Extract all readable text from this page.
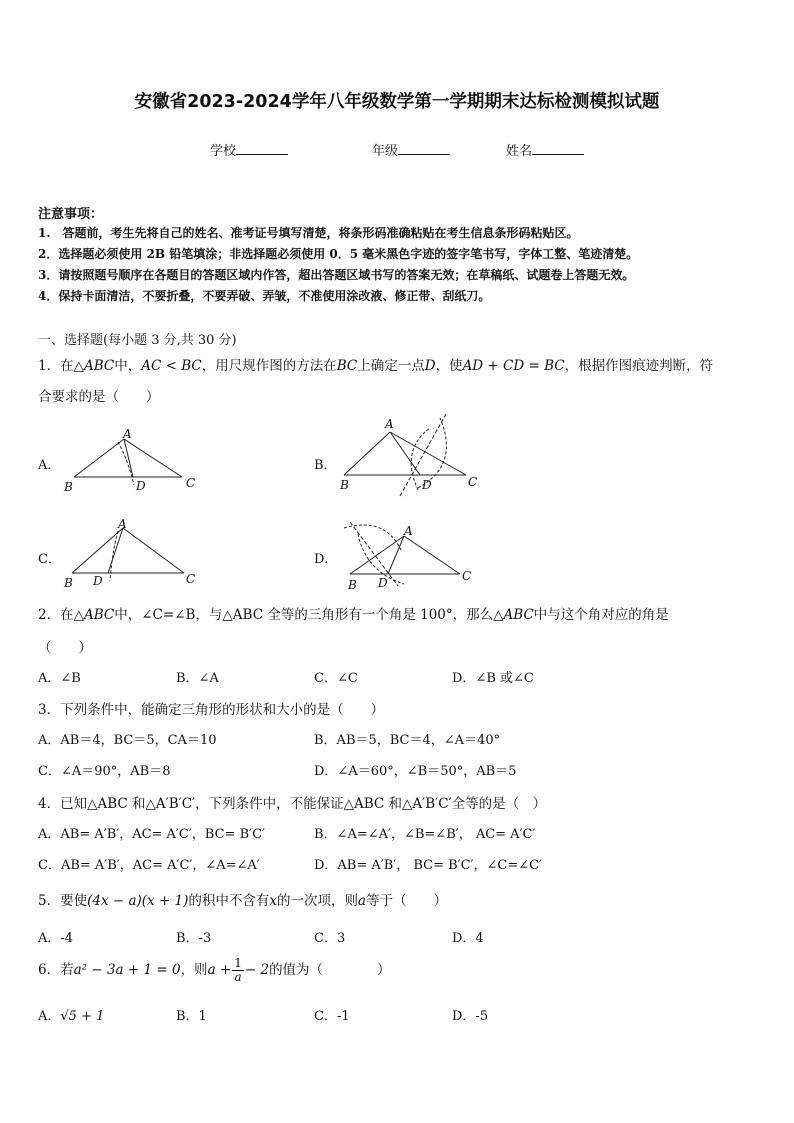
安徽省2023-2024学年八年级数学第一学期期末达标检测模拟试题
学校	年级	姓名
注意事项：
1.　答题前，考生先将自己的姓名、准考证号填写清楚，将条形码准确粘贴在考生信息条形码粘贴区。
2．选择题必须使用 2B 铅笔填涂；非选择题必须使用 0．5 毫米黑色字迹的签字笔书写，字体工整、笔迹清楚。
3．请按照题号顺序在各题目的答题区域内作答，超出答题区域书写的答案无效；在草稿纸、试题卷上答题无效。
4．保持卡面清洁，不要折叠，不要弄破、弄皱，不准使用涂改液、修正带、刮纸刀。
一、选择题(每小题 3 分,共 30 分)
1．在△ABC中，AC < BC，用尺规作图的方法在BC上确定一点D，使AD + CD = BC，根据作图痕迹判断，符
合要求的是（　　）
A．	B．
C．	D．
A
B	D	C
A
B	D	C
A
B D	C
A
B D	C
2．在△ABC中，∠C=∠B，与△ABC 全等的三角形有一个角是 100°，那么△ABC中与这个角对应的角是
（　　）
A．∠B	B．∠A	C．∠C	D．∠B 或∠C
3．下列条件中，能确定三角形的形状和大小的是（　　）
A．AB＝4，BC＝5，CA＝10	B．AB＝5，BC＝4，∠A＝40°
C．∠A＝90°，AB＝8	D．∠A＝60°，∠B＝50°，AB＝5
4．已知△ABC 和△A′B′C′，下列条件中，不能保证△ABC 和△A′B′C′全等的是（　）
A．AB= A′B′，AC= A′C′，BC= B′C′	B．∠A=∠A′，∠B=∠B′， AC= A′C′
C．AB= A′B′，AC= A′C′，∠A=∠A′	D．AB= A′B′， BC= B′C′，∠C=∠C′
5．要使(4x − a)(x + 1)的积中不含有x的一次项，则a等于（　　）
A．-4	B．-3	C．3	D．4
6．若a² − 3a + 1 = 0，则$a + \frac{1}{a} - 2$的值为（　　　　）
A．√5 + 1	B．1	C．-1	D．-5
